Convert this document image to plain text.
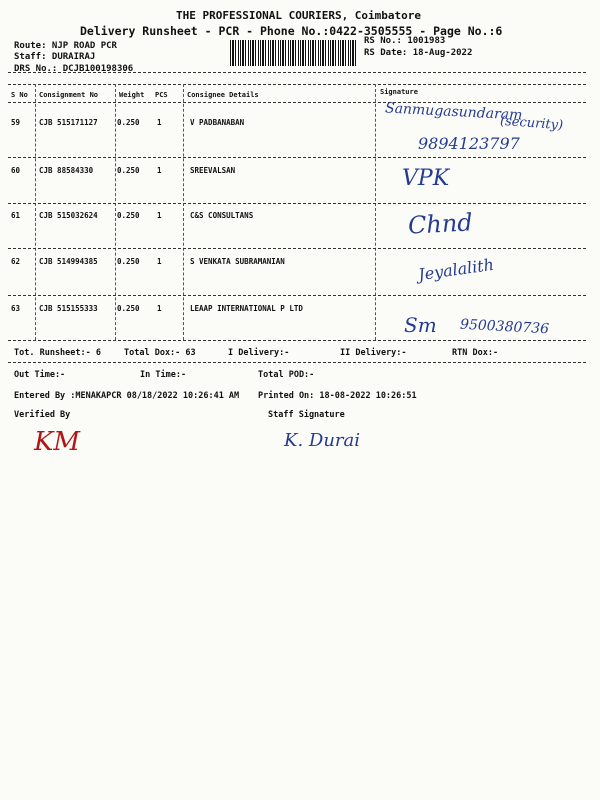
THE PROFESSIONAL COURIERS, Coimbatore
Delivery Runsheet - PCR - Phone No.:0422-3505555 - Page No.:6
Route: NJP ROAD PCR
Staff: DURAIRAJ
DRS No.: DCJB100198306
RS No.: 1001983
RS Date: 18-Aug-2022
S No Consignment No	Weight PCS	Consignee Details	Signature
59	CJB 515171127	0.250 1	V PADBANABAN	Sanmugasundaram
(security)
9894123797
60	CJB 88584330	0.250 1	SREEVALSAN	VPK
61	CJB 515032624	0.250 1	C&S CONSULTANS	Chnd
62	CJB 514994385	0.250 1	S VENKATA SUBRAMANIAN	Jeyalalith
63	CJB 515155333	0.250 1	LEAAP INTERNATIONAL P LTD
Sm 9500380736
Tot. Runsheet:- 6	Total Dox:- 63	I Delivery:-	II Delivery:-	RTN Dox:-
Out Time:-	In Time:-	Total POD:-
Entered By :MENAKAPCR 08/18/2022 10:26:41 AM Printed On: 18-08-2022 10:26:51
Verified By	Staff Signature
KM	K. Durai
